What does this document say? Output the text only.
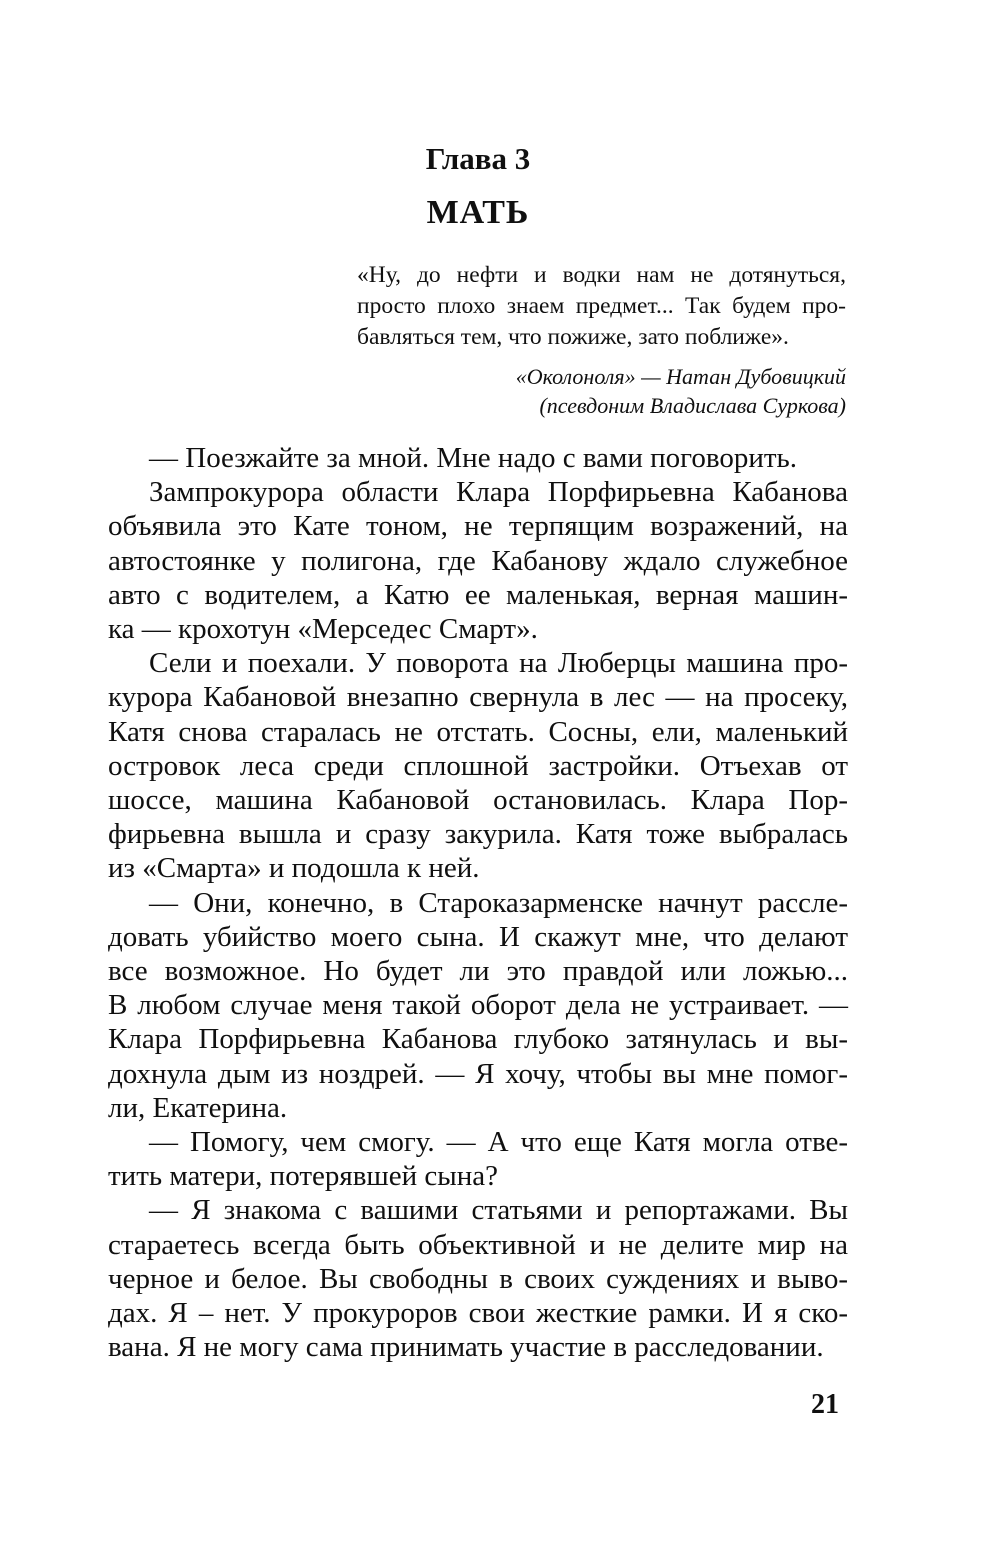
Глава 3
МАТЬ
«Ну, до нефти и водки нам не дотянуться,
просто плохо знаем предмет... Так будем про-
бавляться тем, что пожиже, зато поближе».
«Околоноля» — Натан Дубовицкий
(псевдоним Владислава Суркова)
— Поезжайте за мной. Мне надо с вами поговорить.
Зампрокурора области Клара Порфирьевна Кабанова
объявила это Кате тоном, не терпящим возражений, на
автостоянке у полигона, где Кабанову ждало служебное
авто с водителем, а Катю ее маленькая, верная машин-
ка — крохотун «Мерседес Смарт».
Сели и поехали. У поворота на Люберцы машина про-
курора Кабановой внезапно свернула в лес — на просеку,
Катя снова старалась не отстать. Сосны, ели, маленький
островок леса среди сплошной застройки. Отъехав от
шоссе, машина Кабановой остановилась. Клара Пор-
фирьевна вышла и сразу закурила. Катя тоже выбралась
из «Смарта» и подошла к ней.
— Они, конечно, в Староказарменске начнут рассле-
довать убийство моего сына. И скажут мне, что делают
все возможное. Но будет ли это правдой или ложью...
В любом случае меня такой оборот дела не устраивает. —
Клара Порфирьевна Кабанова глубоко затянулась и вы-
дохнула дым из ноздрей. — Я хочу, чтобы вы мне помог-
ли, Екатерина.
— Помогу, чем смогу. — А что еще Катя могла отве-
тить матери, потерявшей сына?
— Я знакома с вашими статьями и репортажами. Вы
стараетесь всегда быть объективной и не делите мир на
черное и белое. Вы свободны в своих суждениях и выво-
дах. Я – нет. У прокуроров свои жесткие рамки. И я ско-
вана. Я не могу сама принимать участие в расследовании.
21
